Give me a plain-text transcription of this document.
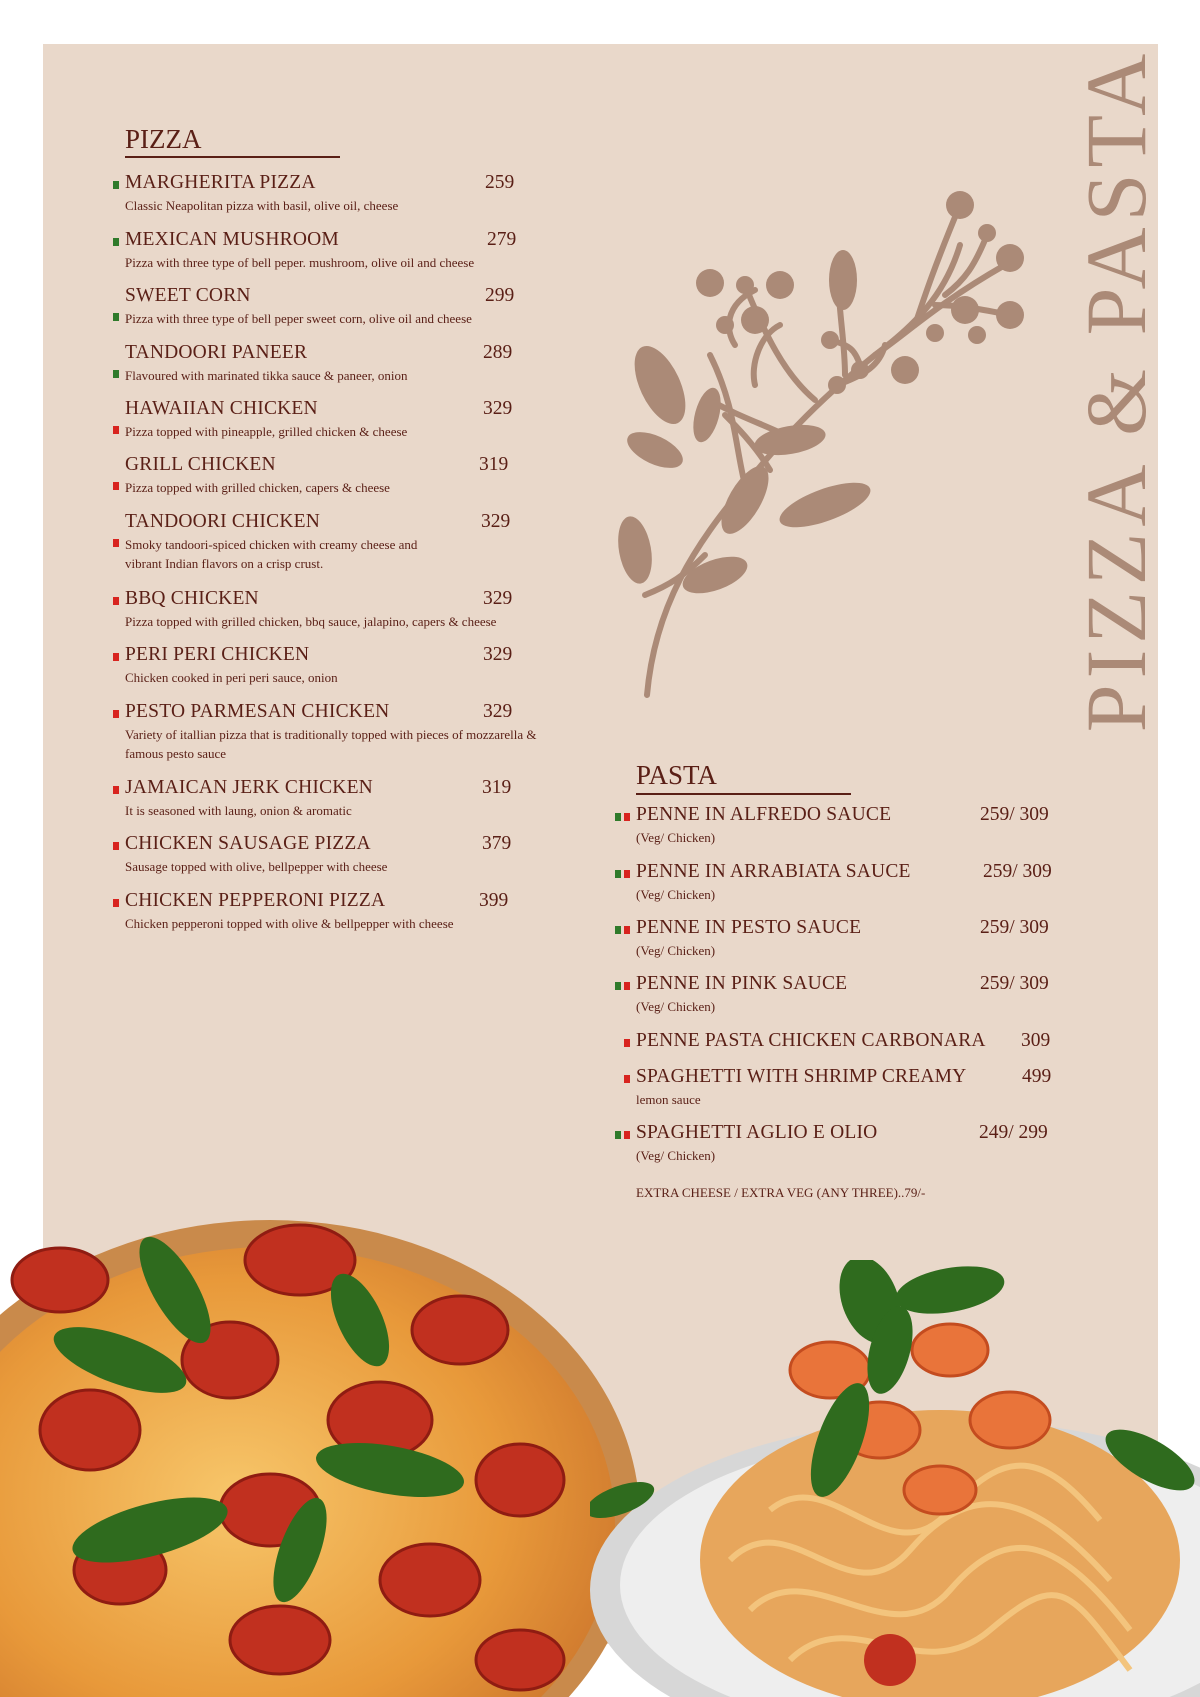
PIZZA & PASTA
PIZZA
MARGHERITA PIZZA	259
Classic Neapolitan pizza with basil, olive oil, cheese
MEXICAN MUSHROOM	279
Pizza with three type of bell peper. mushroom, olive oil and cheese
SWEET CORN	299
Pizza with three type of bell peper sweet corn, olive oil and cheese
TANDOORI PANEER	289
Flavoured with marinated tikka sauce & paneer, onion
HAWAIIAN CHICKEN	329
Pizza topped with pineapple, grilled chicken & cheese
GRILL CHICKEN	319
Pizza topped with grilled chicken, capers & cheese
TANDOORI CHICKEN	329
Smoky tandoori-spiced chicken with creamy cheese and
vibrant Indian flavors on a crisp crust.
BBQ CHICKEN	329
Pizza topped with grilled chicken, bbq sauce, jalapino, capers & cheese
PERI PERI CHICKEN	329
Chicken cooked in peri peri sauce, onion
PESTO PARMESAN CHICKEN	329
Variety of itallian pizza that is traditionally topped with pieces of mozzarella &
famous pesto sauce
JAMAICAN JERK CHICKEN	319
It is seasoned with laung, onion & aromatic
CHICKEN SAUSAGE PIZZA	379
Sausage topped with olive, bellpepper with cheese
CHICKEN PEPPERONI PIZZA	399
Chicken pepperoni topped with olive & bellpepper with cheese
PASTA
PENNE IN ALFREDO SAUCE	259/ 309
(Veg/ Chicken)
PENNE IN ARRABIATA SAUCE	259/ 309
(Veg/ Chicken)
PENNE IN PESTO SAUCE	259/ 309
(Veg/ Chicken)
PENNE IN PINK SAUCE	259/ 309
(Veg/ Chicken)
PENNE PASTA CHICKEN CARBONARA 309
SPAGHETTI WITH SHRIMP CREAMY	499
lemon sauce
SPAGHETTI AGLIO E OLIO	249/ 299
(Veg/ Chicken)
EXTRA CHEESE / EXTRA VEG (ANY THREE)..79/-
